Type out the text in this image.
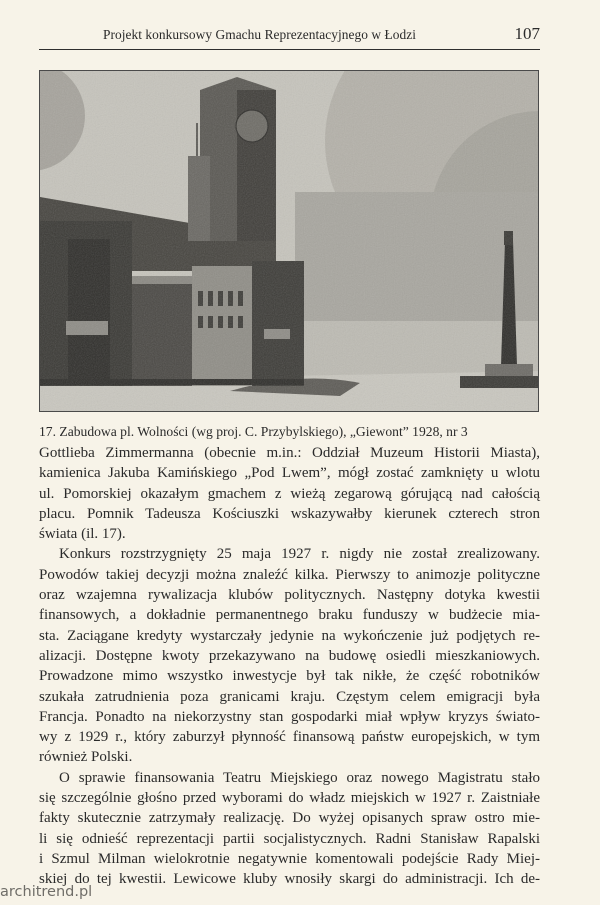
Projekt konkursowy Gmachu Reprezentacyjnego w Łodzi	107
17. Zabudowa pl. Wolności (wg proj. C. Przybylskiego), „Giewont” 1928, nr 3
Gottlieba Zimmermanna (obecnie m.in.: Oddział Muzeum Historii Miasta),
kamienica Jakuba Kamińskiego „Pod Lwem”, mógł zostać zamknięty u wlotu
ul. Pomorskiej okazałym gmachem z wieżą zegarową górującą nad całością
placu. Pomnik Tadeusza Kościuszki wskazywałby kierunek czterech stron
świata (il. 17).
Konkurs rozstrzygnięty 25 maja 1927 r. nigdy nie został zrealizowany.
Powodów takiej decyzji można znaleźć kilka. Pierwszy to animozje polityczne
oraz wzajemna rywalizacja klubów politycznych. Następny dotyka kwestii
finansowych, a dokładnie permanentnego braku funduszy w budżecie mia-
sta. Zaciągane kredyty wystarczały jedynie na wykończenie już podjętych re-
alizacji. Dostępne kwoty przekazywano na budowę osiedli mieszkaniowych.
Prowadzone mimo wszystko inwestycje był tak nikłe, że część robotników
szukała zatrudnienia poza granicami kraju. Częstym celem emigracji była
Francja. Ponadto na niekorzystny stan gospodarki miał wpływ kryzys świato-
wy z 1929 r., który zaburzył płynność finansową państw europejskich, w tym
również Polski.
O sprawie finansowania Teatru Miejskiego oraz nowego Magistratu stało
się szczególnie głośno przed wyborami do władz miejskich w 1927 r. Zaistniałe
fakty skutecznie zatrzymały realizację. Do wyżej opisanych spraw ostro mie-
li się odnieść reprezentacji partii socjalistycznych. Radni Stanisław Rapalski
i Szmul Milman wielokrotnie negatywnie komentowali podejście Rady Miej-
skiej do tej kwestii. Lewicowe kluby wnosiły skargi do administracji. Ich de-
architrend.pl
